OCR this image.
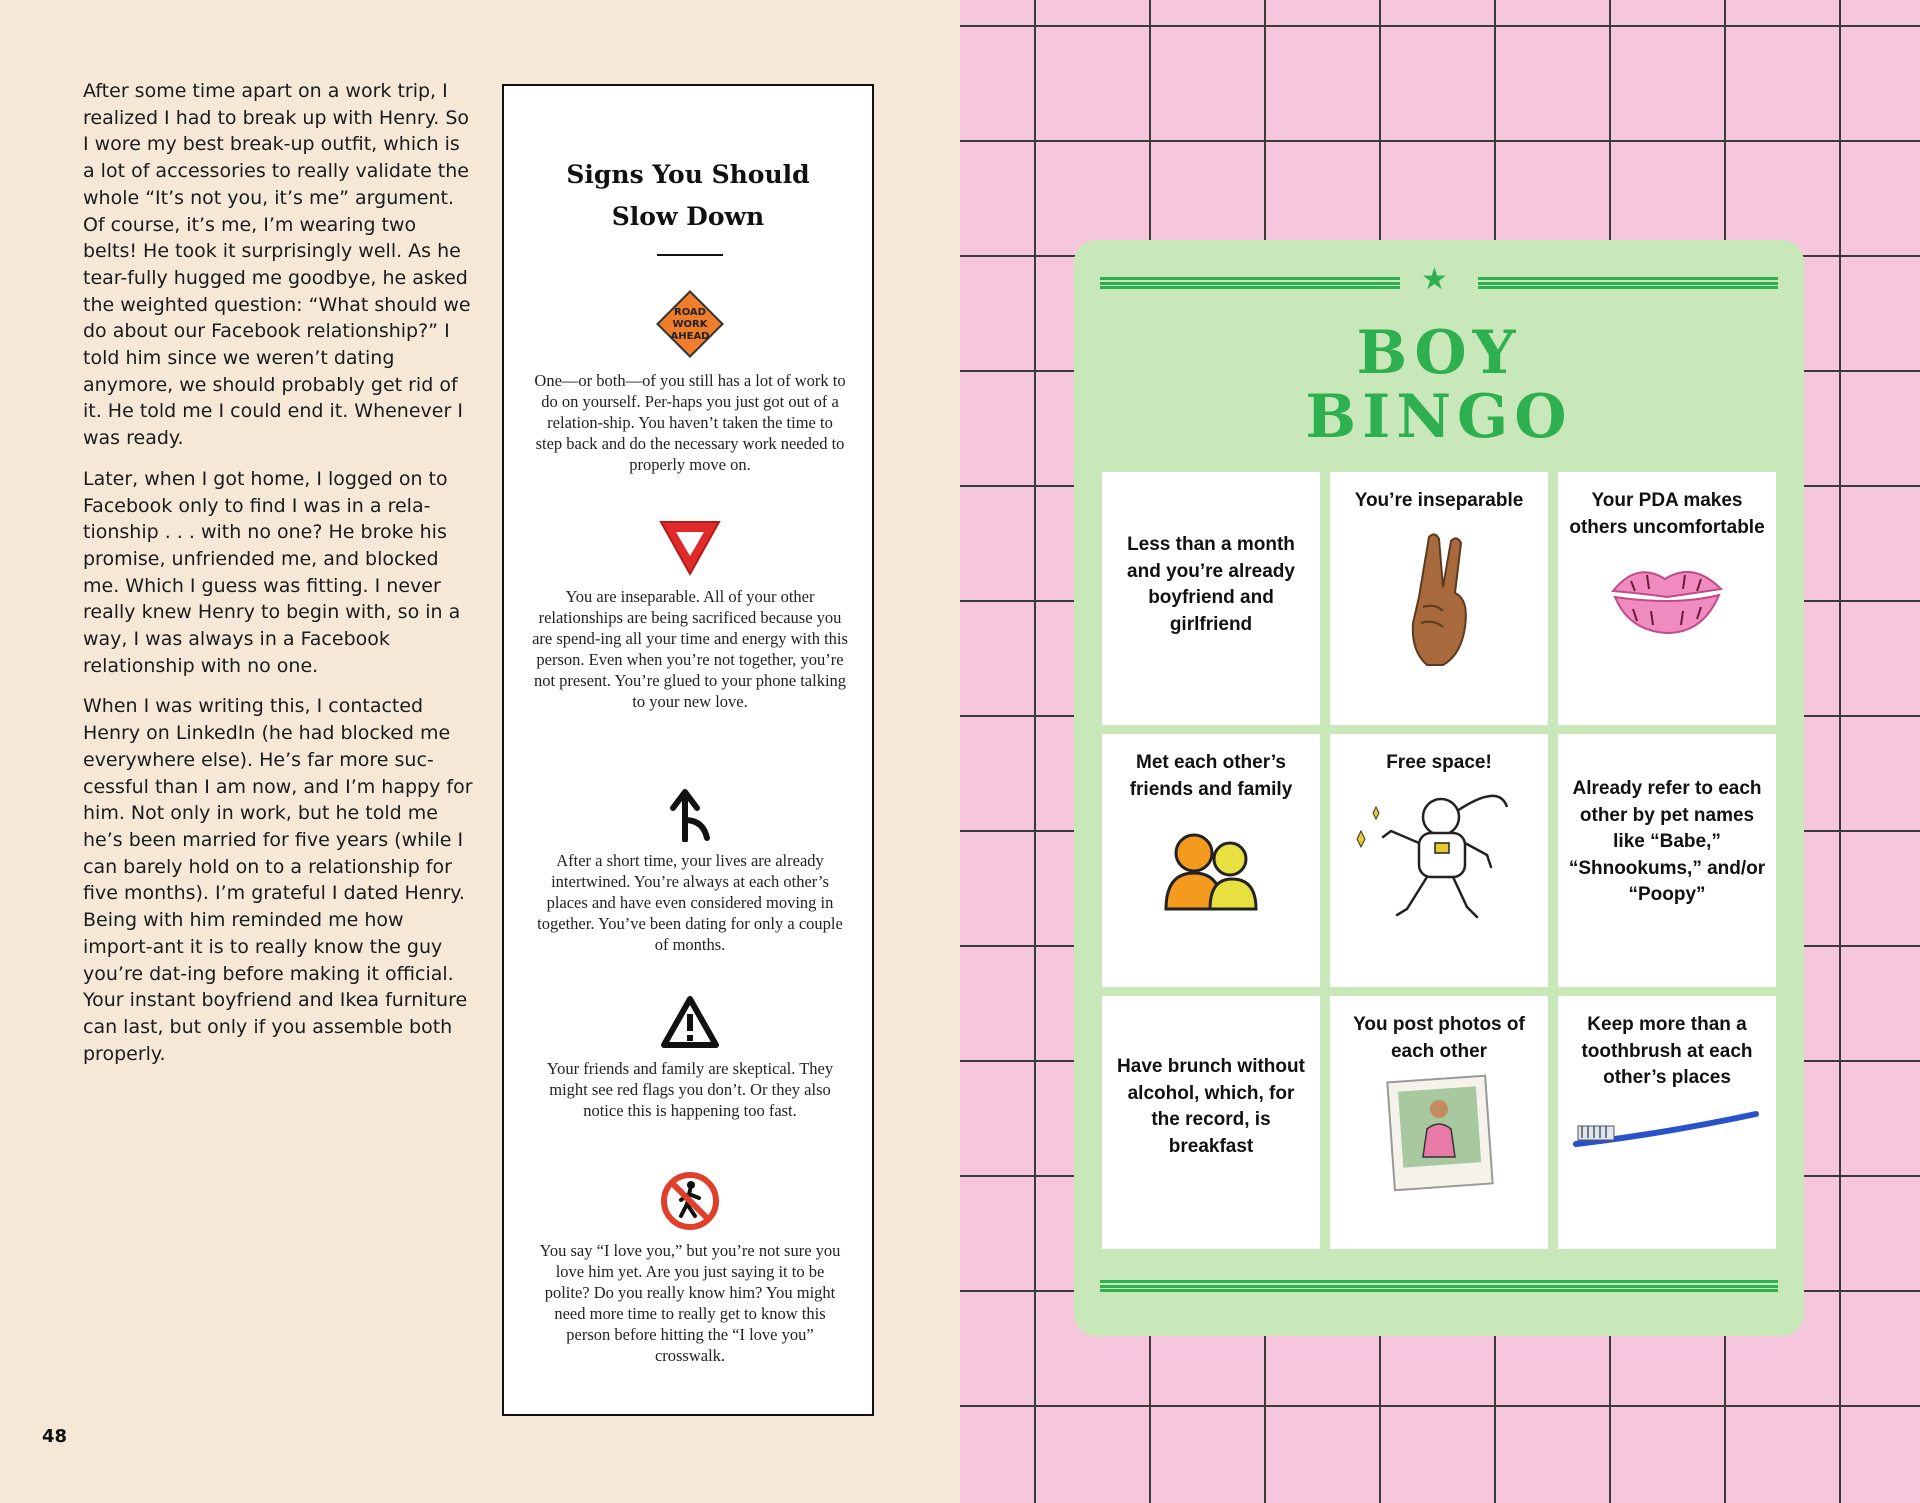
After some time apart on a work trip, I realized I had to break up with Henry. So I wore my best break-up outfit, which is a lot of accessories to really validate the whole “It’s not you, it’s me” argument. Of course, it’s me, I’m wearing two belts! He took it surprisingly well. As he tear-fully hugged me goodbye, he asked the weighted question: “What should we do about our Facebook relationship?” I told him since we weren’t dating anymore, we should probably get rid of it. He told me I could end it. Whenever I was ready.

Later, when I got home, I logged on to Facebook only to find I was in a rela-tionship . . . with no one? He broke his promise, unfriended me, and blocked me. Which I guess was fitting. I never really knew Henry to begin with, so in a way, I was always in a Facebook relationship with no one.

When I was writing this, I contacted Henry on LinkedIn (he had blocked me everywhere else). He’s far more suc-cessful than I am now, and I’m happy for him. Not only in work, but he told me he’s been married for five years (while I can barely hold on to a relationship for five months). I’m grateful I dated Henry. Being with him reminded me how import-ant it is to really know the guy you’re dat-ing before making it official. Your instant boyfriend and Ikea furniture can last, but only if you assemble both properly.

Signs You Should
Slow Down
ROAD
WORK
AHEAD
One—or both—of you still has a lot of work to do on yourself. Per-haps you just got out of a relation-ship. You haven’t taken the time to step back and do the necessary work needed to properly move on.
You are inseparable. All of your other relationships are being sacrificed because you are spend-ing all your time and energy with this person. Even when you’re not together, you’re not present. You’re glued to your phone talking to your new love.
After a short time, your lives are already intertwined. You’re always at each other’s places and have even considered moving in together. You’ve been dating for only a couple of months.
Your friends and family are skeptical. They might see red flags you don’t. Or they also notice this is happening too fast.
You say “I love you,” but you’re not sure you love him yet. Are you just saying it to be polite? Do you really know him? You might need more time to really get to know this person before hitting the “I love you” crosswalk.
48
★
BOY
BINGO
Less than a month and you’re already boyfriend and girlfriend
You’re inseparable	Your PDA makes others uncomfortable
Met each other’s friends and family
Free space!
Already refer to each other by pet names like “Babe,” “Shnookums,” and/or “Poopy”
Have brunch without alcohol, which, for the record, is breakfast
You post photos of each other
Keep more than a toothbrush at each other’s places
